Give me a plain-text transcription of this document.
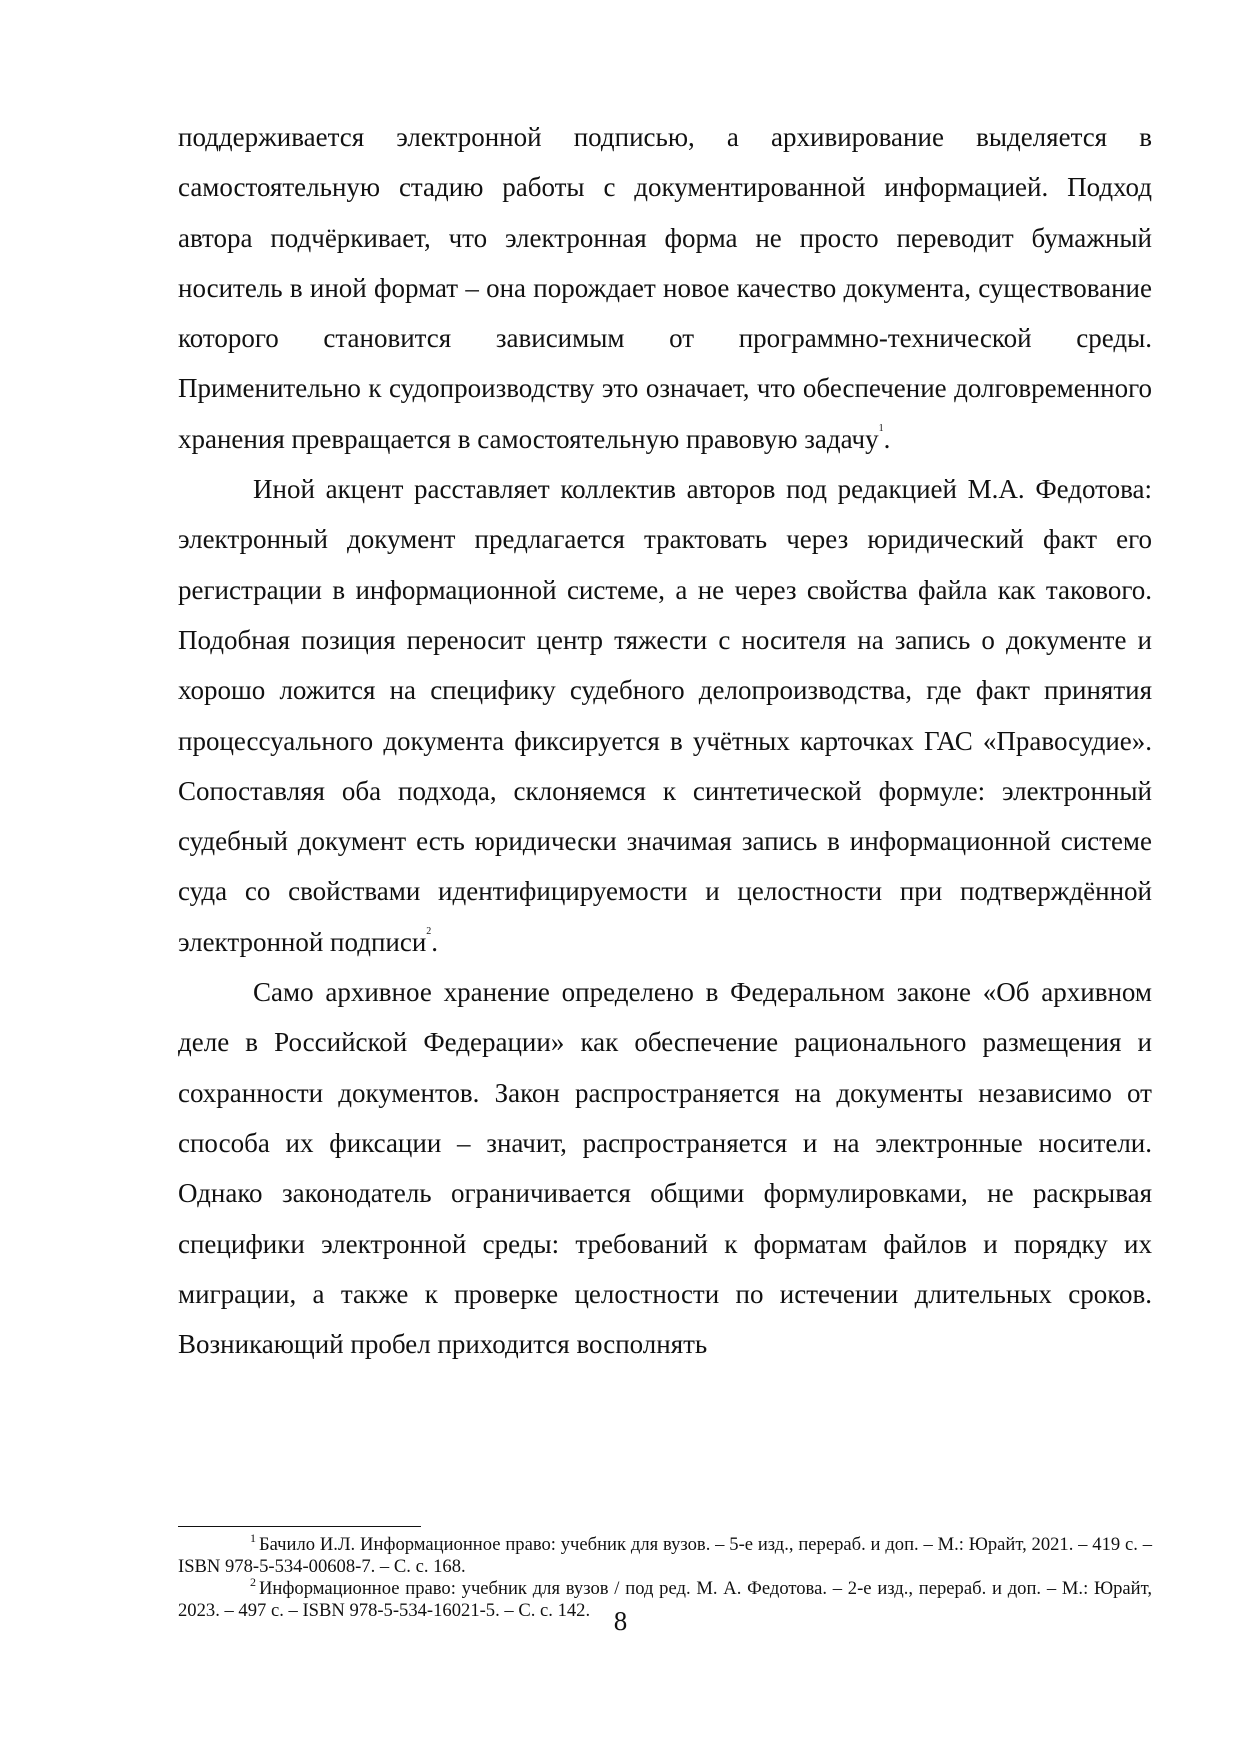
поддерживается электронной подписью, а архивирование выделяется в самостоятельную стадию работы с документированной информацией. Подход автора подчёркивает, что электронная форма не просто переводит бумажный носитель в иной формат – она порождает новое качество документа, существование которого становится зависимым от программно-технической среды. Применительно к судопроизводству это означает, что обеспечение долговременного хранения превращается в самостоятельную правовую задачу$^1$.

Иной акцент расставляет коллектив авторов под редакцией М.А. Федотова: электронный документ предлагается трактовать через юридический факт его регистрации в информационной системе, а не через свойства файла как такового. Подобная позиция переносит центр тяжести с носителя на запись о документе и хорошо ложится на специфику судебного делопроизводства, где факт принятия процессуального документа фиксируется в учётных карточках ГАС «Правосудие». Сопоставляя оба подхода, склоняемся к синтетической формуле: электронный судебный документ есть юридически значимая запись в информационной системе суда со свойствами идентифицируемости и целостности при подтверждённой электронной подписи$^2$.

Само архивное хранение определено в Федеральном законе «Об архивном деле в Российской Федерации» как обеспечение рационального размещения и сохранности документов. Закон распространяется на документы независимо от способа их фиксации – значит, распространяется и на электронные носители. Однако законодатель ограничивается общими формулировками, не раскрывая специфики электронной среды: требований к форматам файлов и порядку их миграции, а также к проверке целостности по истечении длительных сроков. Возникающий пробел приходится восполнять

$^1$ Бачило И.Л. Информационное право: учебник для вузов. – 5-е изд., перераб. и доп. – М.: Юрайт, 2021. – 419 с. – ISBN 978-5-534-00608-7. – С. с. 168.

$^2$ Информационное право: учебник для вузов / под ред. М. А. Федотова. – 2-е изд., перераб. и доп. – М.: Юрайт, 2023. – 497 с. – ISBN 978-5-534-16021-5. – С. с. 142. 8
